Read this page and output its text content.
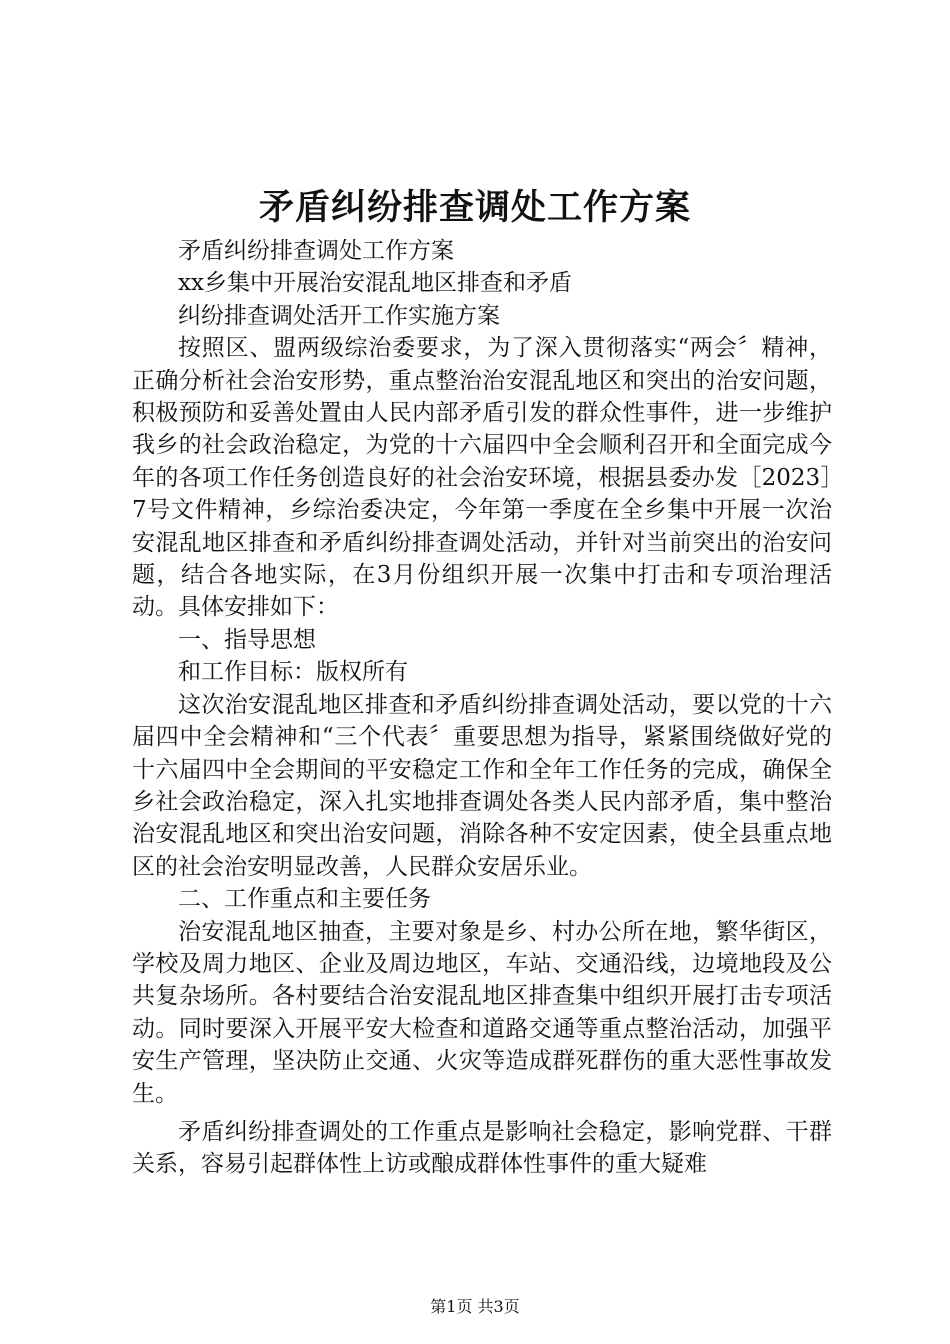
矛盾纠纷排查调处工作方案

矛盾纠纷排查调处工作方案

xx乡集中开展治安混乱地区排查和矛盾

纠纷排查调处活开工作实施方案

按照区、盟两级综治委要求，为了深入贯彻落实“两会〞精神，正确分析社会治安形势，重点整治治安混乱地区和突出的治安问题，积极预防和妥善处置由人民内部矛盾引发的群众性事件，进一步维护我乡的社会政治稳定，为党的十六届四中全会顺利召开和全面完成今年的各项工作任务创造良好的社会治安环境，根据县委办发［2023］7号文件精神，乡综治委决定，今年第一季度在全乡集中开展一次治安混乱地区排查和矛盾纠纷排查调处活动，并针对当前突出的治安问题，结合各地实际，在3月份组织开展一次集中打击和专项治理活动。具体安排如下：

一、指导思想

和工作目标：版权所有

这次治安混乱地区排查和矛盾纠纷排查调处活动，要以党的十六届四中全会精神和“三个代表〞重要思想为指导，紧紧围绕做好党的十六届四中全会期间的平安稳定工作和全年工作任务的完成，确保全乡社会政治稳定，深入扎实地排查调处各类人民内部矛盾，集中整治治安混乱地区和突出治安问题，消除各种不安定因素，使全县重点地区的社会治安明显改善，人民群众安居乐业。

二、工作重点和主要任务

治安混乱地区抽查，主要对象是乡、村办公所在地，繁华街区，学校及周力地区、企业及周边地区，车站、交通沿线，边境地段及公共复杂场所。各村要结合治安混乱地区排查集中组织开展打击专项活动。同时要深入开展平安大检查和道路交通等重点整治活动，加强平安生产管理，坚决防止交通、火灾等造成群死群伤的重大恶性事故发生。

矛盾纠纷排查调处的工作重点是影响社会稳定，影响党群、干群关系，容易引起群体性上访或酿成群体性事件的重大疑难

第1页 共3页
